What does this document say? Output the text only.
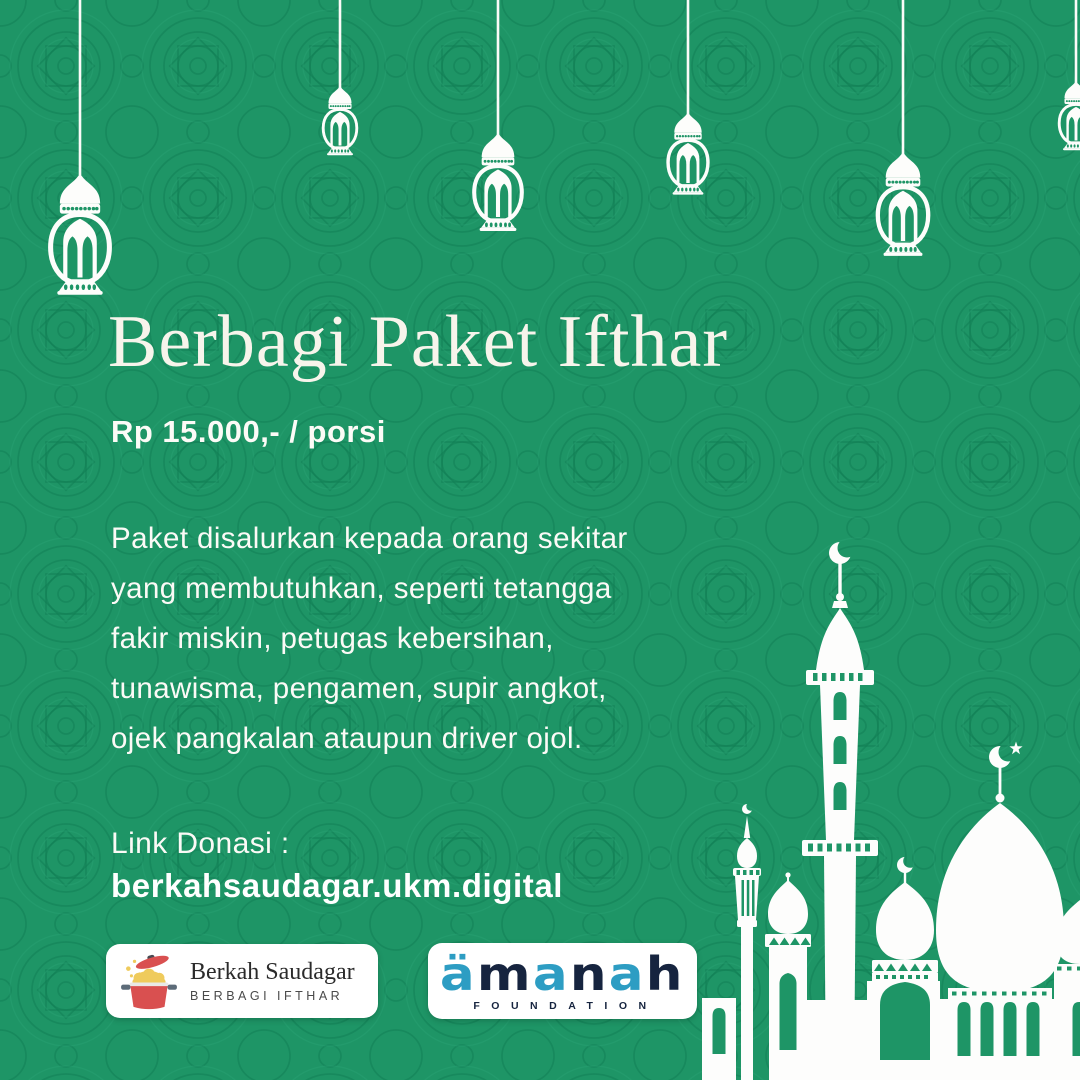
Berbagi Paket Ifthar
Rp 15.000,- / porsi
Paket disalurkan kepada orang sekitar
yang membutuhkan, seperti tetangga
fakir miskin, petugas kebersihan,
tunawisma, pengamen, supir angkot,
ojek pangkalan ataupun driver ojol.
Link Donasi :
berkahsaudagar.ukm.digital
Berkah Saudagar
BERBAGI IFTHAR ämanah
FOUNDATION
